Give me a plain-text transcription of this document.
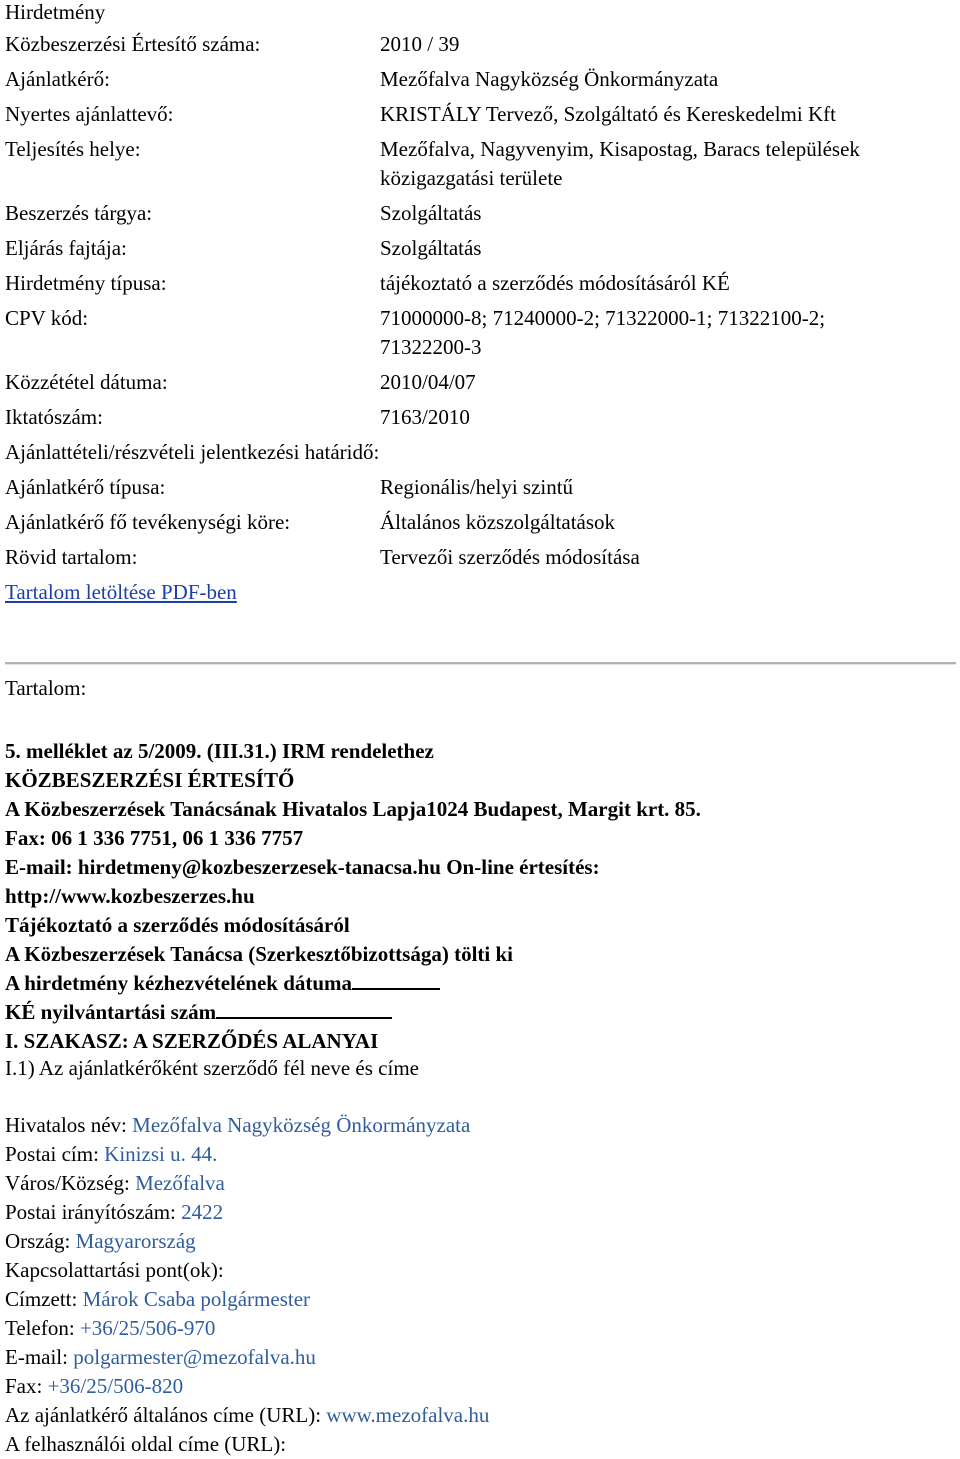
Hirdetmény
Közbeszerzési Értesítő száma:	2010 / 39
Ajánlatkérő:	Mezőfalva Nagyközség Önkormányzata
Nyertes ajánlattevő:	KRISTÁLY Tervező, Szolgáltató és Kereskedelmi Kft
Teljesítés helye:	Mezőfalva, Nagyvenyim, Kisapostag, Baracs települések
közigazgatási területe

Beszerzés tárgya:	Szolgáltatás
Eljárás fajtája:	Szolgáltatás
Hirdetmény típusa:	tájékoztató a szerződés módosításáról KÉ
CPV kód:	71000000-8; 71240000-2; 71322000-1; 71322100-2;
71322200-3

Közzététel dátuma:	2010/04/07
Iktatószám:	7163/2010
Ajánlattételi/részvételi jelentkezési határidő:	
Ajánlatkérő típusa:	Regionális/helyi szintű
Ajánlatkérő fő tevékenységi köre:	Általános közszolgáltatások
Rövid tartalom:	Tervezői szerződés módosítása
Tartalom letöltése PDF-ben	
Tartalom:
5. melléklet az 5/2009. (III.31.) IRM rendelethez
KÖZBESZERZÉSI ÉRTESÍTŐ
A Közbeszerzések Tanácsának Hivatalos Lapja1024 Budapest, Margit krt. 85.
Fax: 06 1 336 7751, 06 1 336 7757
E-mail: hirdetmeny@kozbeszerzesek-tanacsa.hu On-line értesítés:
http://www.kozbeszerzes.hu
Tájékoztató a szerződés módosításáról
A Közbeszerzések Tanácsa (Szerkesztőbizottsága) tölti ki
A hirdetmény kézhezvételének dátuma
KÉ nyilvántartási szám
I. SZAKASZ: A SZERZŐDÉS ALANYAI
I.1) Az ajánlatkérőként szerződő fél neve és címe
Hivatalos név: Mezőfalva Nagyközség Önkormányzata
Postai cím: Kinizsi u. 44.
Város/Község: Mezőfalva
Postai irányítószám: 2422
Ország: Magyarország
Kapcsolattartási pont(ok):
Címzett: Márok Csaba polgármester
Telefon: +36/25/506-970
E-mail: polgarmester@mezofalva.hu
Fax: +36/25/506-820
Az ajánlatkérő általános címe (URL): www.mezofalva.hu
A felhasználói oldal címe (URL):
